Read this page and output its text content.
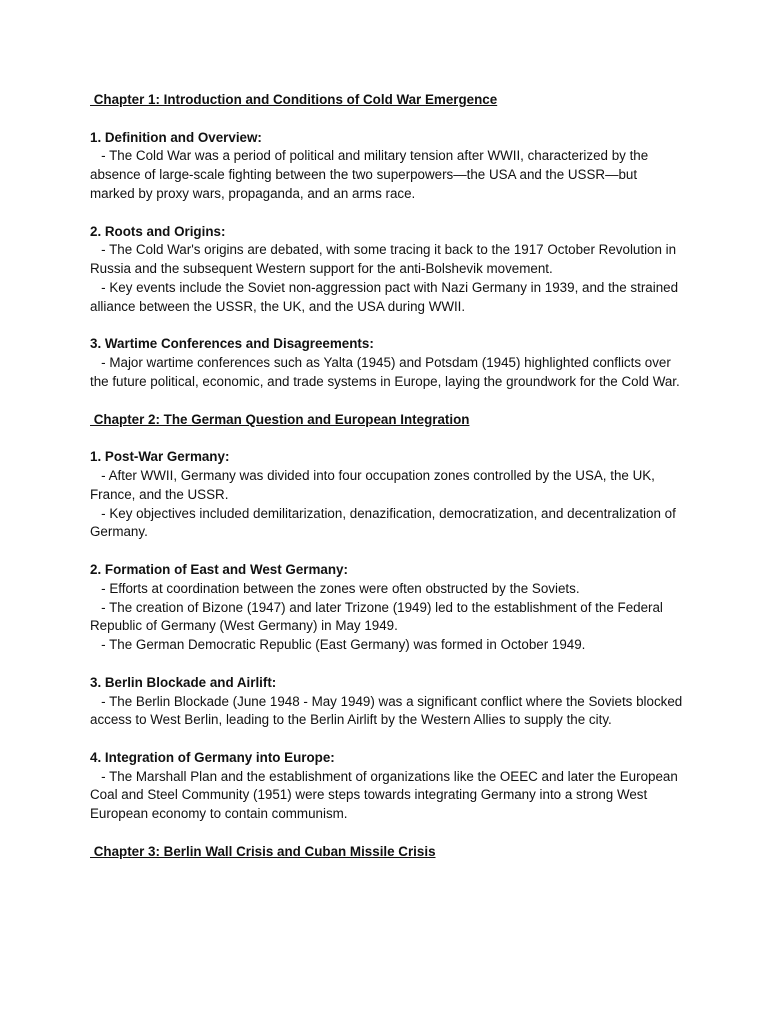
Chapter 1: Introduction and Conditions of Cold War Emergence

1. Definition and Overview:

- The Cold War was a period of political and military tension after WWII, characterized by the absence of large-scale fighting between the two superpowers—the USA and the USSR—but marked by proxy wars, propaganda, and an arms race.

2. Roots and Origins:

- The Cold War's origins are debated, with some tracing it back to the 1917 October Revolution in Russia and the subsequent Western support for the anti-Bolshevik movement.

- Key events include the Soviet non-aggression pact with Nazi Germany in 1939, and the strained alliance between the USSR, the UK, and the USA during WWII.

3. Wartime Conferences and Disagreements:

- Major wartime conferences such as Yalta (1945) and Potsdam (1945) highlighted conflicts over the future political, economic, and trade systems in Europe, laying the groundwork for the Cold War.

Chapter 2: The German Question and European Integration

1. Post-War Germany:

- After WWII, Germany was divided into four occupation zones controlled by the USA, the UK, France, and the USSR.

- Key objectives included demilitarization, denazification, democratization, and decentralization of Germany.

2. Formation of East and West Germany:

- Efforts at coordination between the zones were often obstructed by the Soviets.

- The creation of Bizone (1947) and later Trizone (1949) led to the establishment of the Federal Republic of Germany (West Germany) in May 1949.

- The German Democratic Republic (East Germany) was formed in October 1949.

3. Berlin Blockade and Airlift:

- The Berlin Blockade (June 1948 - May 1949) was a significant conflict where the Soviets blocked access to West Berlin, leading to the Berlin Airlift by the Western Allies to supply the city.

4. Integration of Germany into Europe:

- The Marshall Plan and the establishment of organizations like the OEEC and later the European Coal and Steel Community (1951) were steps towards integrating Germany into a strong West European economy to contain communism.

Chapter 3: Berlin Wall Crisis and Cuban Missile Crisis
